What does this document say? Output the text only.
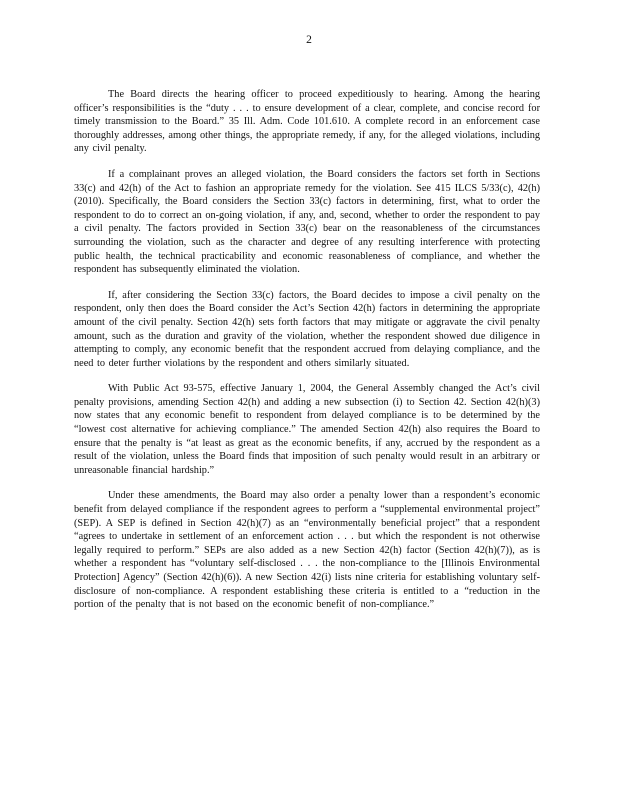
2

The Board directs the hearing officer to proceed expeditiously to hearing. Among the hearing officer’s responsibilities is the “duty . . . to ensure development of a clear, complete, and concise record for timely transmission to the Board.” 35 Ill. Adm. Code 101.610. A complete record in an enforcement case thoroughly addresses, among other things, the appropriate remedy, if any, for the alleged violations, including any civil penalty.

If a complainant proves an alleged violation, the Board considers the factors set forth in Sections 33(c) and 42(h) of the Act to fashion an appropriate remedy for the violation. See 415 ILCS 5/33(c), 42(h) (2010). Specifically, the Board considers the Section 33(c) factors in determining, first, what to order the respondent to do to correct an on-going violation, if any, and, second, whether to order the respondent to pay a civil penalty. The factors provided in Section 33(c) bear on the reasonableness of the circumstances surrounding the violation, such as the character and degree of any resulting interference with protecting public health, the technical practicability and economic reasonableness of compliance, and whether the respondent has subsequently eliminated the violation.

If, after considering the Section 33(c) factors, the Board decides to impose a civil penalty on the respondent, only then does the Board consider the Act’s Section 42(h) factors in determining the appropriate amount of the civil penalty. Section 42(h) sets forth factors that may mitigate or aggravate the civil penalty amount, such as the duration and gravity of the violation, whether the respondent showed due diligence in attempting to comply, any economic benefit that the respondent accrued from delaying compliance, and the need to deter further violations by the respondent and others similarly situated.

With Public Act 93-575, effective January 1, 2004, the General Assembly changed the Act’s civil penalty provisions, amending Section 42(h) and adding a new subsection (i) to Section 42. Section 42(h)(3) now states that any economic benefit to respondent from delayed compliance is to be determined by the “lowest cost alternative for achieving compliance.” The amended Section 42(h) also requires the Board to ensure that the penalty is “at least as great as the economic benefits, if any, accrued by the respondent as a result of the violation, unless the Board finds that imposition of such penalty would result in an arbitrary or unreasonable financial hardship.”

Under these amendments, the Board may also order a penalty lower than a respondent’s economic benefit from delayed compliance if the respondent agrees to perform a “supplemental environmental project” (SEP). A SEP is defined in Section 42(h)(7) as an “environmentally beneficial project” that a respondent “agrees to undertake in settlement of an enforcement action . . . but which the respondent is not otherwise legally required to perform.” SEPs are also added as a new Section 42(h) factor (Section 42(h)(7)), as is whether a respondent has “voluntary self-disclosed . . . the non-compliance to the [Illinois Environmental Protection] Agency” (Section 42(h)(6)). A new Section 42(i) lists nine criteria for establishing voluntary self-disclosure of non-compliance. A respondent establishing these criteria is entitled to a “reduction in the portion of the penalty that is not based on the economic benefit of non-compliance.”
